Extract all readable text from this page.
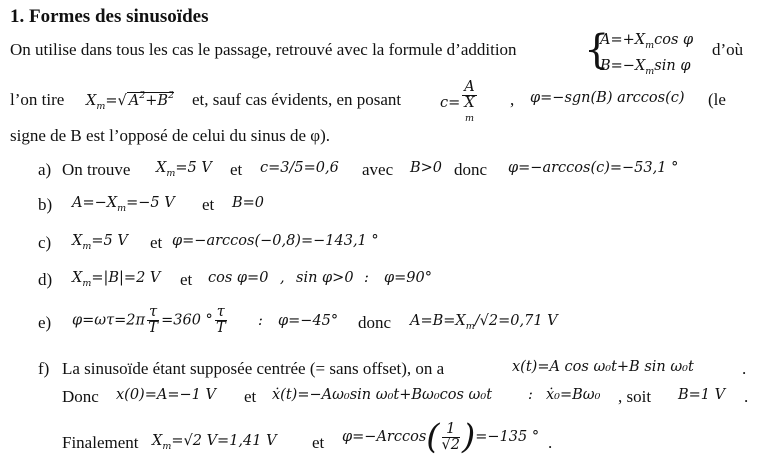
1. Formes des sinusoïdes
On utilise dans tous les cas le passage, retrouvé avec la formule d’addition {
$A=+X_m\cos$ φ
$B=-X_m\sin$ φ
d’où
l’on tire $X_m=√$ $A^2+B^2$ et, sauf cas évidents, en posant	c= A
X
m , φ=−sgn(B) arccos(c) (le
signe de B est l’opposé de celui du sinus de φ).
a) On trouve $X_m=5$ V et c=3/5=0,6 avec B>0 donc φ=−arccos(c)=−53,1 °
b) $A=-X_m=-5$ V et B=0
c) $X_m=5$ V et φ=−arccos(−0,8)=−143,1 °
d) $X_m=|B|=2$ V et cos φ=0 , sin φ>0 : φ=90°
e) $\varphi=\omega\tau=2\pi \frac{\tau}{T} =360$ ° $\frac{\tau}{T}$ : φ=−45° donc $A=B=X_m/√2=0,71$ V
f) La sinusoïde étant supposée centrée (= sans offset), on a	x(t)=A cos ω₀t+B sin ω₀t	.
Donc x(0)=A=−1 V et ẋ(t)=−Aω₀sin ω₀t+Bω₀cos ω₀t : ẋ₀=Bω₀ , soit B=1 V .
Finalement $X_m=√2$ V=1,41 V et $\varphi=-Arccos( \frac{1}{√2} )=-135$ ° .
